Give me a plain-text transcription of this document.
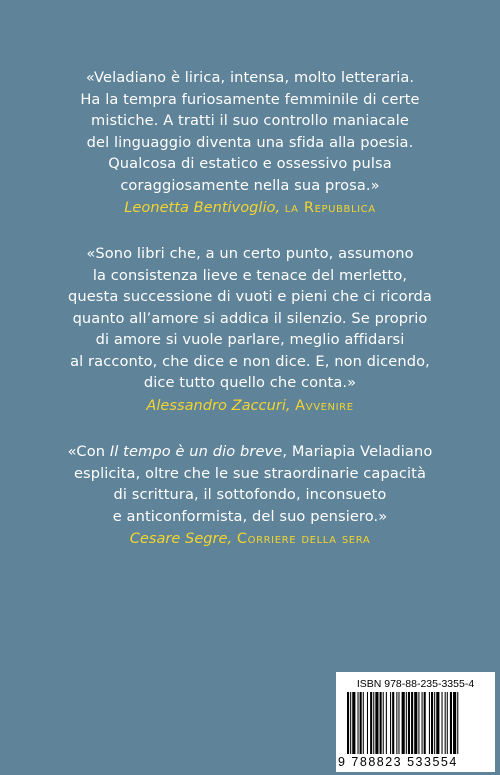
«Veladiano è lirica, intensa, molto letteraria.
Ha la tempra furiosamente femminile di certe
mistiche. A tratti il suo controllo maniacale
del linguaggio diventa una sfida alla poesia.
Qualcosa di estatico e ossessivo pulsa
coraggiosamente nella sua prosa.»
Leonetta Bentivoglio, la Repubblica
«Sono libri che, a un certo punto, assumono
la consistenza lieve e tenace del merletto,
questa successione di vuoti e pieni che ci ricorda
quanto all’amore si addica il silenzio. Se proprio
di amore si vuole parlare, meglio affidarsi
al racconto, che dice e non dice. E, non dicendo,
dice tutto quello che conta.»
Alessandro Zaccuri, Avvenire
«Con Il tempo è un dio breve, Mariapia Veladiano
esplicita, oltre che le sue straordinarie capacità
di scrittura, il sottofondo, inconsueto
e anticonformista, del suo pensiero.»
Cesare Segre, Corriere della sera
ISBN 978-88-235-3355-4
9 788823 533554
